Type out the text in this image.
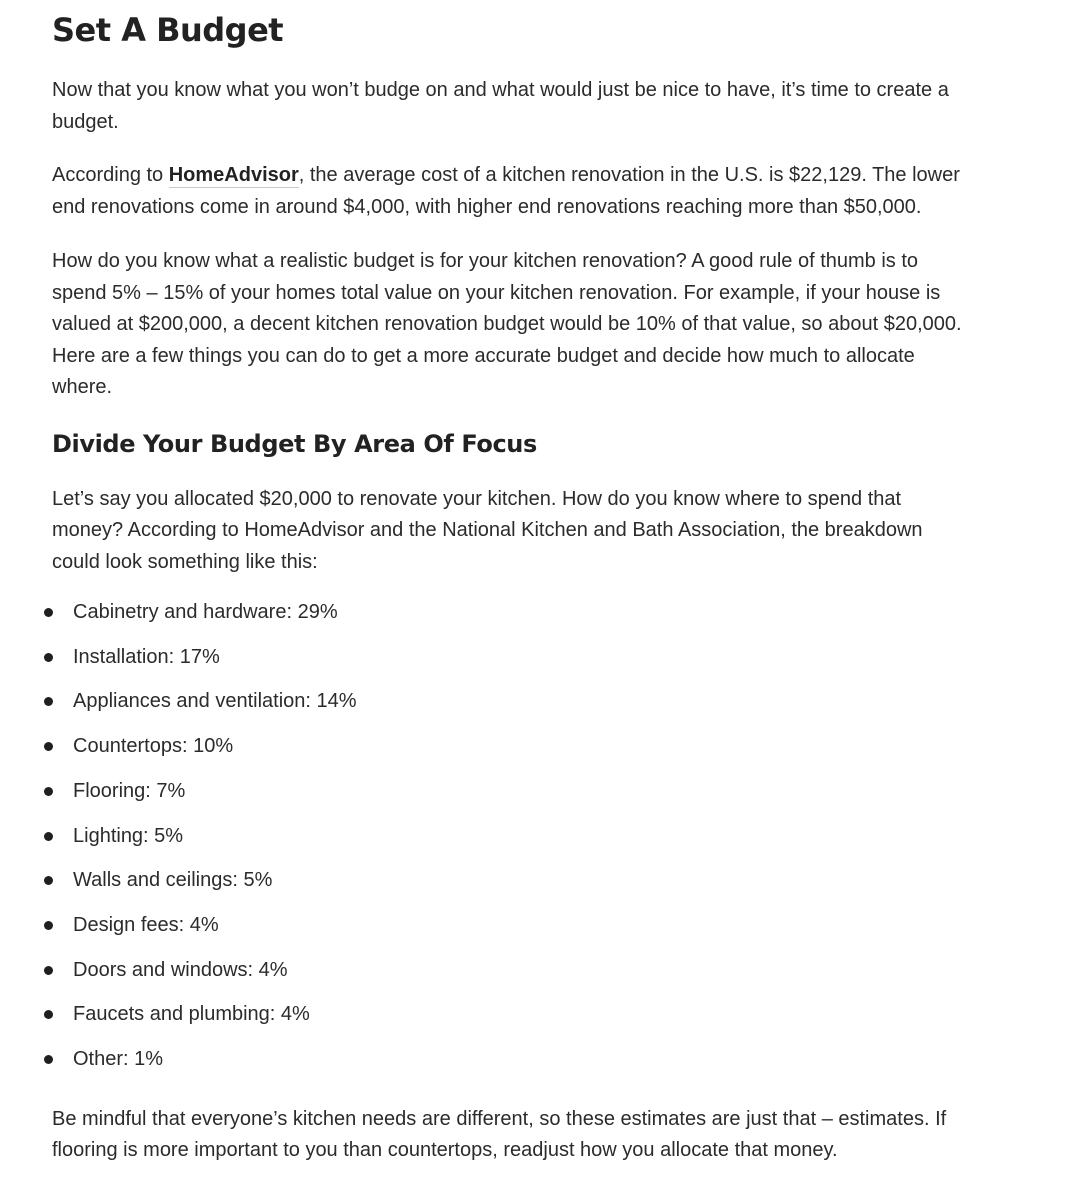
Set A Budget

Now that you know what you won’t budge on and what would just be nice to have, it’s time to create a budget.

According to HomeAdvisor, the average cost of a kitchen renovation in the U.S. is $22,129. The lower end renovations come in around $4,000, with higher end renovations reaching more than $50,000.

How do you know what a realistic budget is for your kitchen renovation? A good rule of thumb is to spend 5% – 15% of your homes total value on your kitchen renovation. For example, if your house is valued at $200,000, a decent kitchen renovation budget would be 10% of that value, so about $20,000. Here are a few things you can do to get a more accurate budget and decide how much to allocate where.

Divide Your Budget By Area Of Focus

Let’s say you allocated $20,000 to renovate your kitchen. How do you know where to spend that money? According to HomeAdvisor and the National Kitchen and Bath Association, the breakdown could look something like this:

Cabinetry and hardware: 29%
Installation: 17%
Appliances and ventilation: 14%
Countertops: 10%
Flooring: 7%
Lighting: 5%
Walls and ceilings: 5%
Design fees: 4%
Doors and windows: 4%
Faucets and plumbing: 4%
Other: 1%

Be mindful that everyone’s kitchen needs are different, so these estimates are just that – estimates. If flooring is more important to you than countertops, readjust how you allocate that money.
